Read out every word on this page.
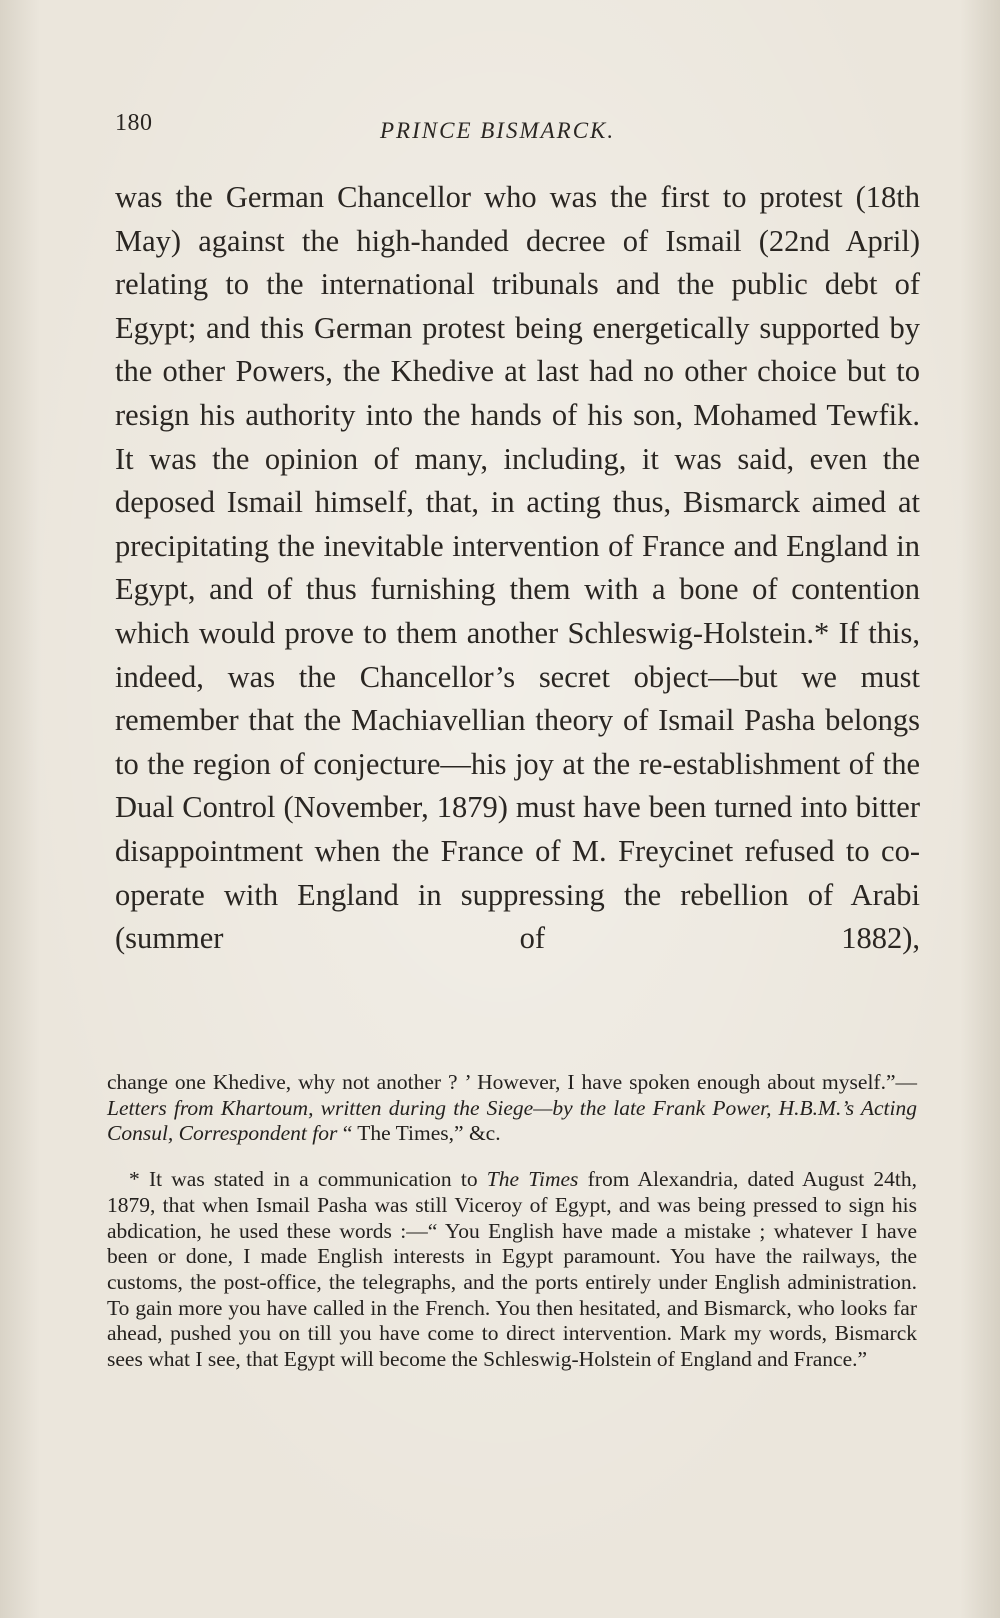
180	PRINCE BISMARCK.

was the German Chancellor who was the first to protest (18th May) against the high-handed decree of Ismail (22nd April) relating to the international tribunals and the public debt of Egypt; and this German protest being energetically supported by the other Powers, the Khedive at last had no other choice but to resign his authority into the hands of his son, Mohamed Tewfik. It was the opinion of many, including, it was said, even the deposed Ismail himself, that, in acting thus, Bismarck aimed at precipitating the inevitable intervention of France and England in Egypt, and of thus furnishing them with a bone of contention which would prove to them another Schleswig-Holstein.* If this, indeed, was the Chancellor’s secret object—but we must remember that the Machiavellian theory of Ismail Pasha belongs to the region of conjecture—his joy at the re-establishment of the Dual Control (November, 1879) must have been turned into bitter disappointment when the France of M. Freycinet refused to co-operate with England in suppressing the rebellion of Arabi (summer of 1882),

change one Khedive, why not another ? ’ However, I have spoken enough about myself.”—Letters from Khartoum, written during the Siege—by the late Frank Power, H.B.M.’s Acting Consul, Correspondent for “ The Times,” &c.

* It was stated in a communication to The Times from Alexandria, dated August 24th, 1879, that when Ismail Pasha was still Viceroy of Egypt, and was being pressed to sign his abdication, he used these words :—“ You English have made a mistake ; whatever I have been or done, I made English interests in Egypt paramount. You have the railways, the customs, the post-office, the telegraphs, and the ports entirely under English administration. To gain more you have called in the French. You then hesitated, and Bismarck, who looks far ahead, pushed you on till you have come to direct intervention. Mark my words, Bismarck sees what I see, that Egypt will become the Schleswig-Holstein of England and France.”
